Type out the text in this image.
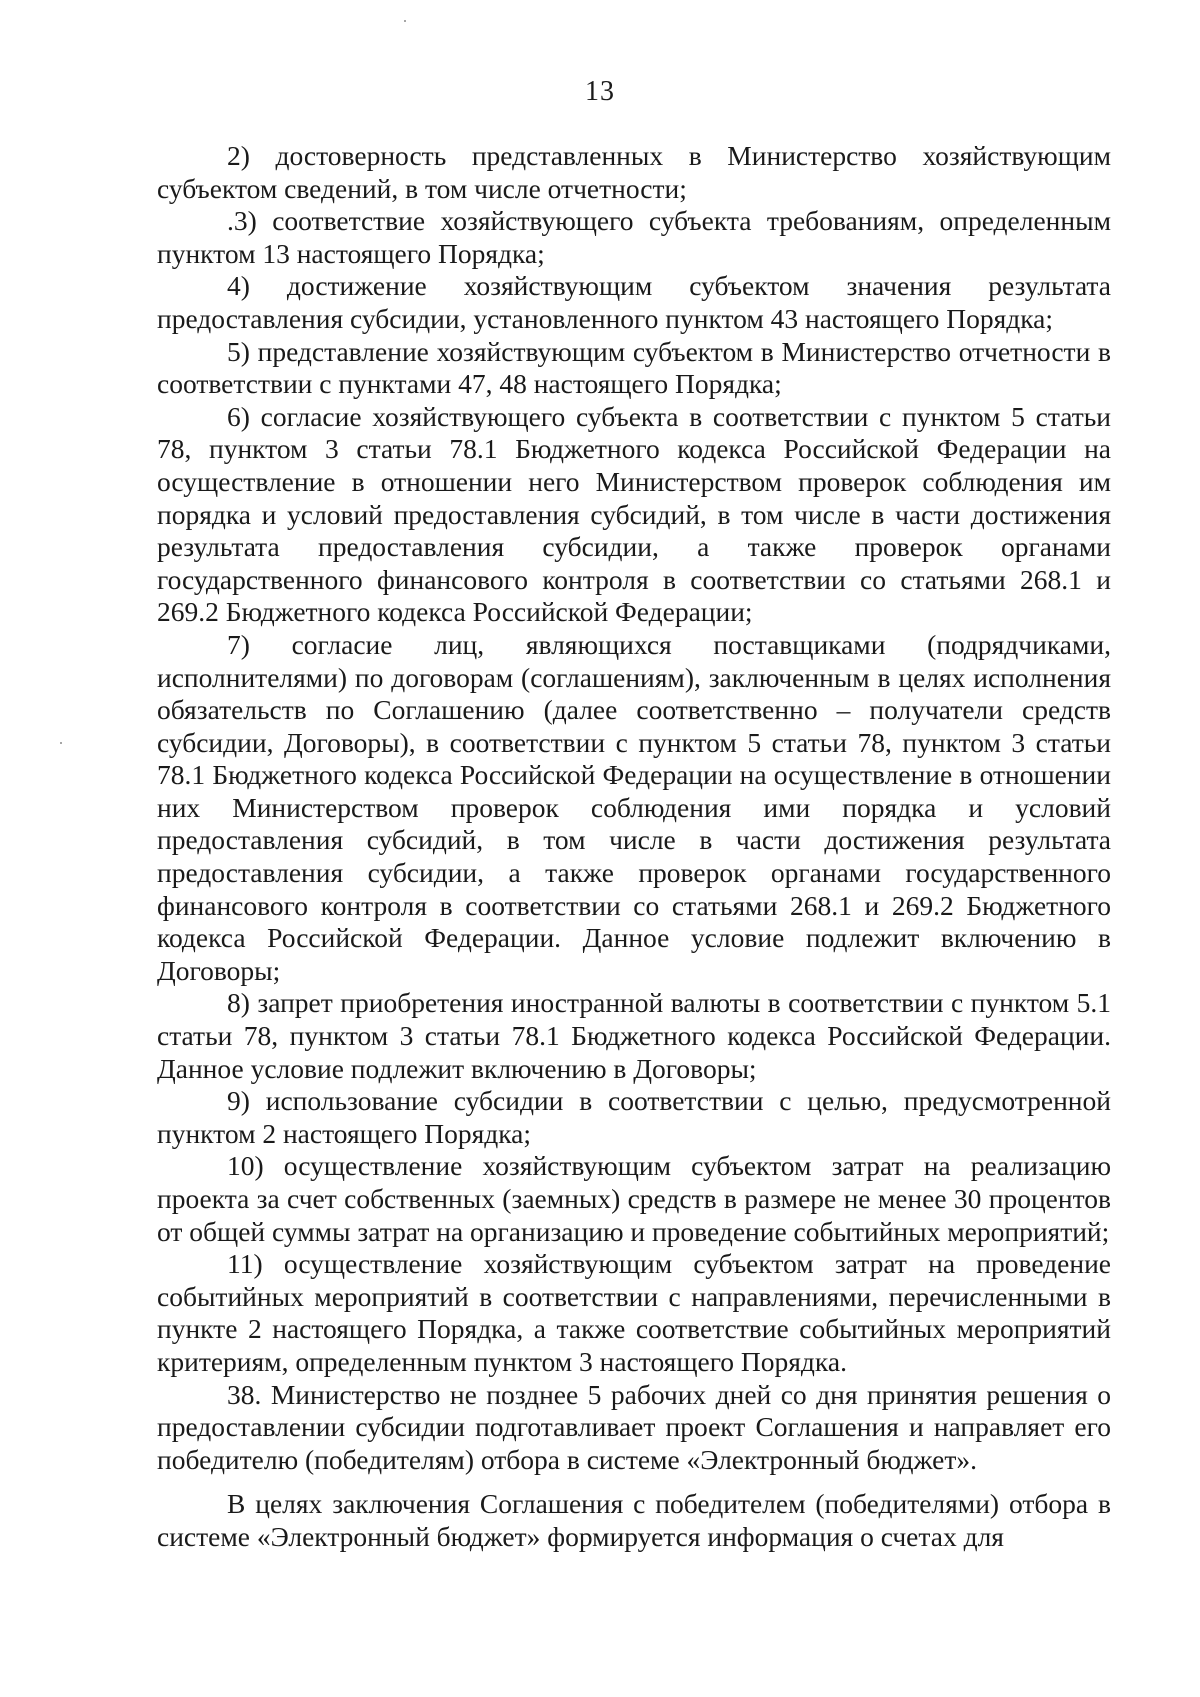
13

2) достоверность представленных в Министерство хозяйствующим субъектом сведений, в том числе отчетности;

.3) соответствие хозяйствующего субъекта требованиям, определенным пунктом 13 настоящего Порядка;

4) достижение хозяйствующим субъектом значения результата предоставления субсидии, установленного пунктом 43 настоящего Порядка;

5) представление хозяйствующим субъектом в Министерство отчетности в соответствии с пунктами 47, 48 настоящего Порядка;

6) согласие хозяйствующего субъекта в соответствии с пунктом 5 статьи 78, пунктом 3 статьи 78.1 Бюджетного кодекса Российской Федерации на осуществление в отношении него Министерством проверок соблюдения им порядка и условий предоставления субсидий, в том числе в части достижения результата предоставления субсидии, а также проверок органами государственного финансового контроля в соответствии со статьями 268.1 и 269.2 Бюджетного кодекса Российской Федерации;

7) согласие лиц, являющихся поставщиками (подрядчиками, исполнителями) по договорам (соглашениям), заключенным в целях исполнения обязательств по Соглашению (далее соответственно – получатели средств субсидии, Договоры), в соответствии с пунктом 5 статьи 78, пунктом 3 статьи 78.1 Бюджетного кодекса Российской Федерации на осуществление в отношении них Министерством проверок соблюдения ими порядка и условий предоставления субсидий, в том числе в части достижения результата предоставления субсидии, а также проверок органами государственного финансового контроля в соответствии со статьями 268.1 и 269.2 Бюджетного кодекса Российской Федерации. Данное условие подлежит включению в Договоры;

8) запрет приобретения иностранной валюты в соответствии с пунктом 5.1 статьи 78, пунктом 3 статьи 78.1 Бюджетного кодекса Российской Федерации. Данное условие подлежит включению в Договоры;

9) использование субсидии в соответствии с целью, предусмотренной пунктом 2 настоящего Порядка;

10) осуществление хозяйствующим субъектом затрат на реализацию проекта за счет собственных (заемных) средств в размере не менее 30 процентов от общей суммы затрат на организацию и проведение событийных мероприятий;

11) осуществление хозяйствующим субъектом затрат на проведение событийных мероприятий в соответствии с направлениями, перечисленными в пункте 2 настоящего Порядка, а также соответствие событийных мероприятий критериям, определенным пунктом 3 настоящего Порядка.

38. Министерство не позднее 5 рабочих дней со дня принятия решения о предоставлении субсидии подготавливает проект Соглашения и направляет его победителю (победителям) отбора в системе «Электронный бюджет».

В целях заключения Соглашения с победителем (победителями) отбора в системе «Электронный бюджет» формируется информация о счетах для
